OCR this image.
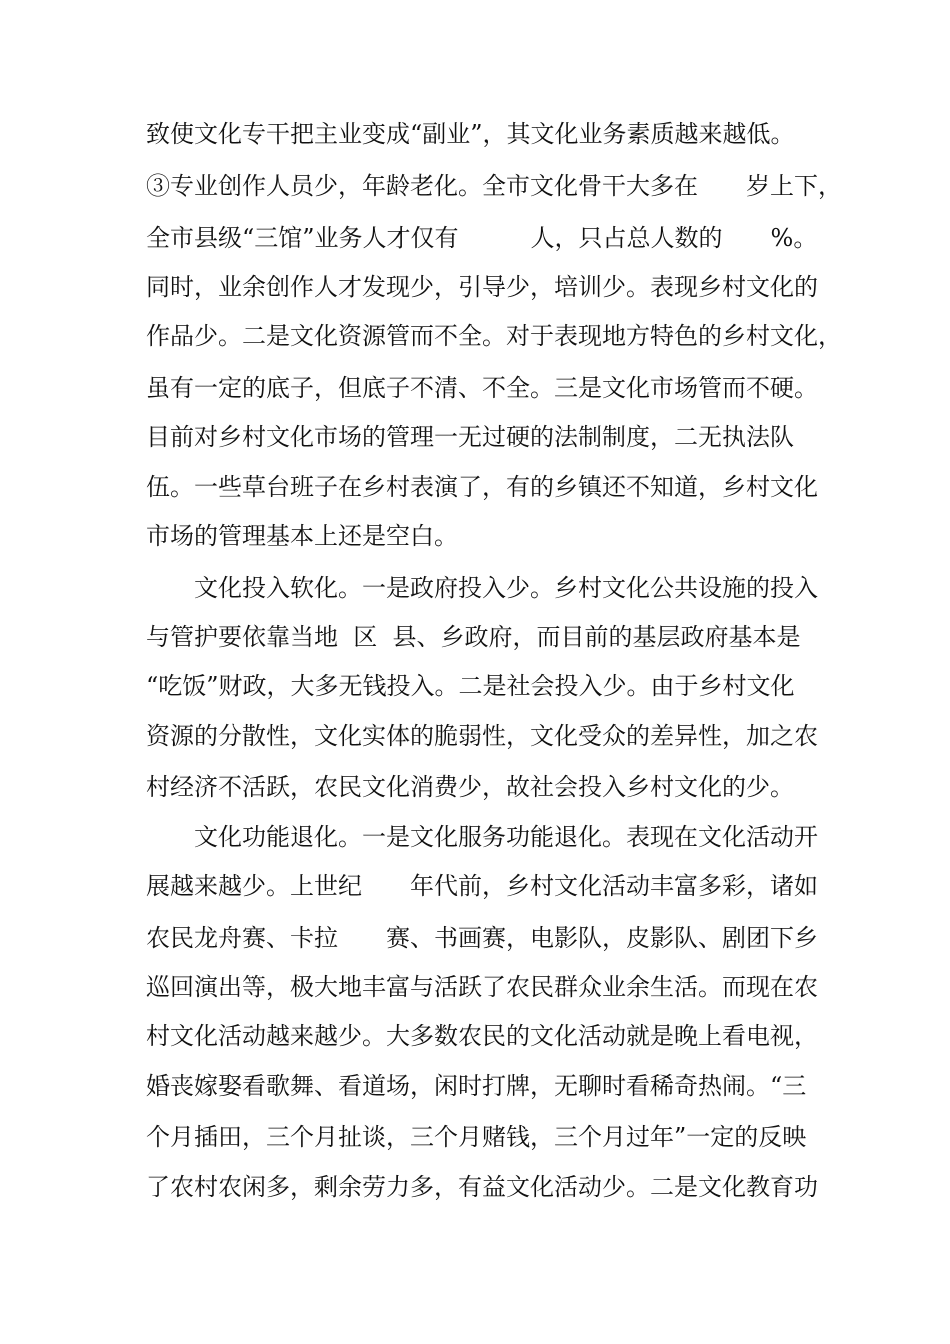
致使文化专干把主业变成“副业”，其文化业务素质越来越低。
③专业创作人员少，年龄老化。全市文化骨干大多在　　岁上下，
全市县级“三馆”业务人才仅有　　　人，只占总人数的　　%。
同时，业余创作人才发现少，引导少，培训少。表现乡村文化的
作品少。二是文化资源管而不全。对于表现地方特色的乡村文化，
虽有一定的底子，但底子不清、不全。三是文化市场管而不硬。
目前对乡村文化市场的管理一无过硬的法制制度，二无执法队
伍。一些草台班子在乡村表演了，有的乡镇还不知道，乡村文化
市场的管理基本上还是空白。
　　文化投入软化。一是政府投入少。乡村文化公共设施的投入
与管护要依靠当地  区  县、乡政府，而目前的基层政府基本是
“吃饭”财政，大多无钱投入。二是社会投入少。由于乡村文化
资源的分散性，文化实体的脆弱性，文化受众的差异性，加之农
村经济不活跃，农民文化消费少，故社会投入乡村文化的少。
　　文化功能退化。一是文化服务功能退化。表现在文化活动开
展越来越少。上世纪　　年代前，乡村文化活动丰富多彩，诸如
农民龙舟赛、卡拉　　赛、书画赛，电影队，皮影队、剧团下乡
巡回演出等，极大地丰富与活跃了农民群众业余生活。而现在农
村文化活动越来越少。大多数农民的文化活动就是晚上看电视，
婚丧嫁娶看歌舞、看道场，闲时打牌，无聊时看稀奇热闹。“三
个月插田，三个月扯谈，三个月赌钱，三个月过年”一定的反映
了农村农闲多，剩余劳力多，有益文化活动少。二是文化教育功
